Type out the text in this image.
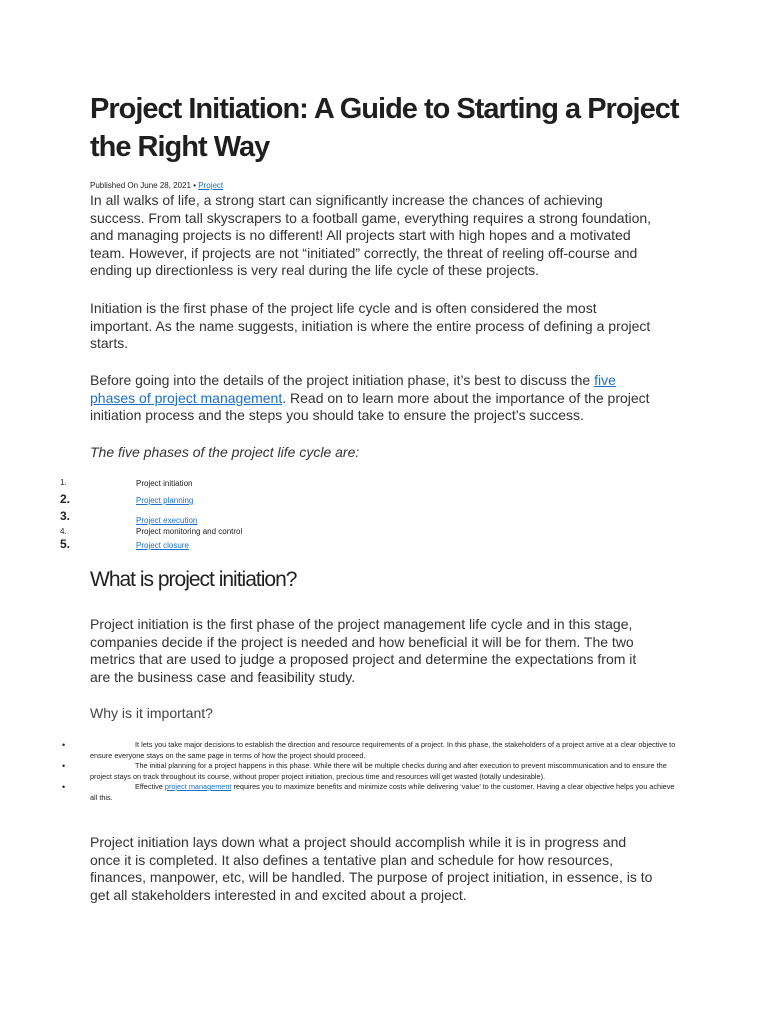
Project Initiation: A Guide to Starting a Project the Right Way
Published On June 28, 2021 • Project

In all walks of life, a strong start can significantly increase the chances of achieving success. From tall skyscrapers to a football game, everything requires a strong foundation, and managing projects is no different! All projects start with high hopes and a motivated team. However, if projects are not “initiated” correctly, the threat of reeling off-course and ending up directionless is very real during the life cycle of these projects.

Initiation is the first phase of the project life cycle and is often considered the most important. As the name suggests, initiation is where the entire process of defining a project starts.

Before going into the details of the project initiation phase, it’s best to discuss the five phases of project management. Read on to learn more about the importance of the project initiation process and the steps you should take to ensure the project’s success.

The five phases of the project life cycle are:

1.	Project initiation
2.	Project planning
3.	Project execution
4.	Project monitoring and control
5.	Project closure
What is project initiation?

Project initiation is the first phase of the project management life cycle and in this stage, companies decide if the project is needed and how beneficial it will be for them. The two metrics that are used to judge a proposed project and determine the expectations from it are the business case and feasibility study.

Why is it important?
•	It lets you take major decisions to establish the direction and resource requirements of a project. In this phase, the stakeholders of a project arrive at a clear objective to ensure everyone stays on the same page in terms of how the project should proceed.
•	The initial planning for a project happens in this phase. While there will be multiple checks during and after execution to prevent miscommunication and to ensure the project stays on track throughout its course, without proper project initiation, precious time and resources will get wasted (totally undesirable).
•	Effective project management requires you to maximize benefits and minimize costs while delivering ‘value’ to the customer. Having a clear objective helps you achieve all this.

Project initiation lays down what a project should accomplish while it is in progress and once it is completed. It also defines a tentative plan and schedule for how resources, finances, manpower, etc, will be handled. The purpose of project initiation, in essence, is to get all stakeholders interested in and excited about a project.
